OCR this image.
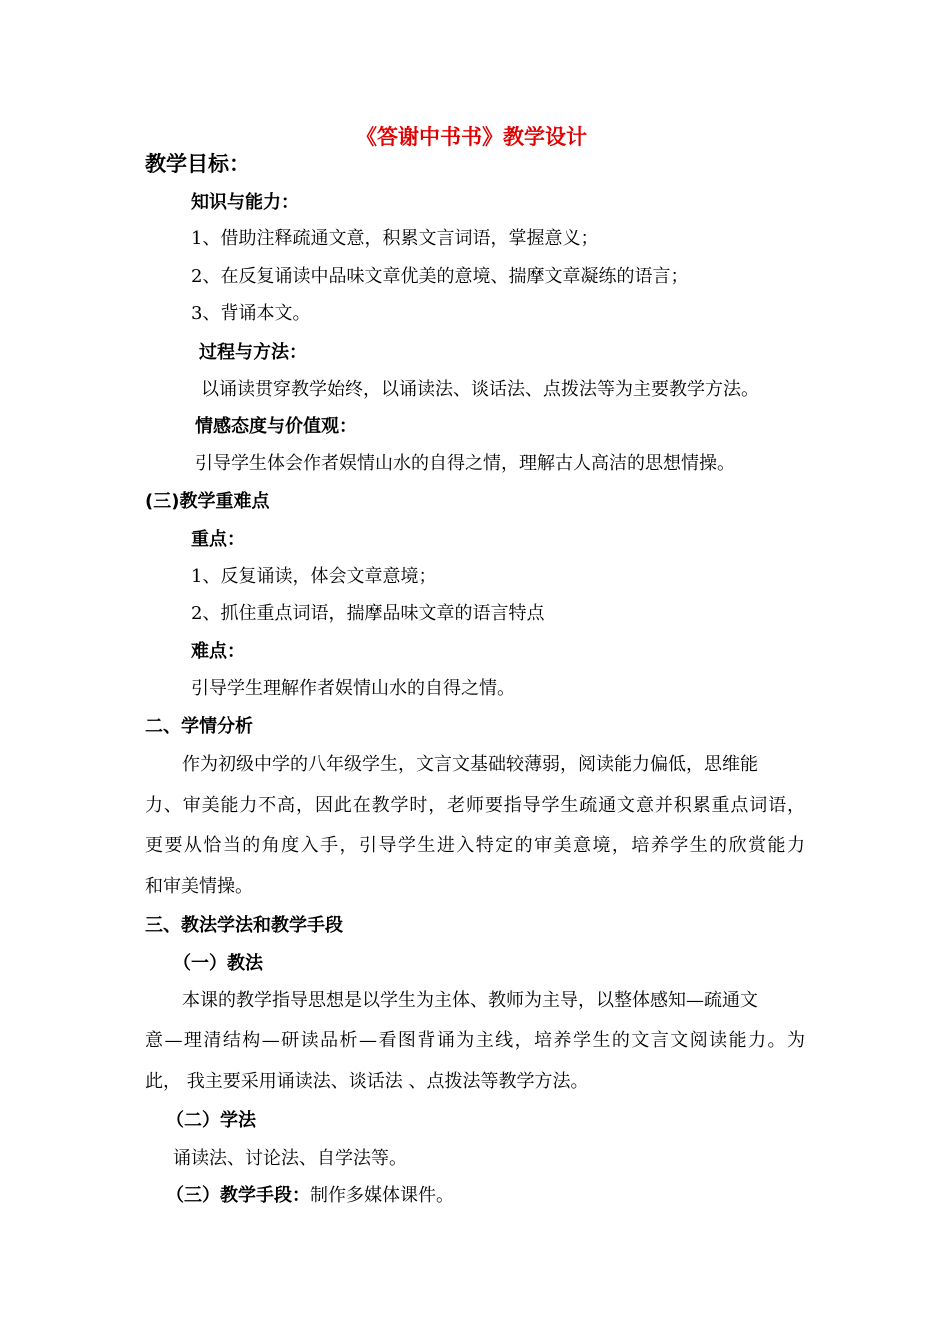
《答谢中书书》教学设计
教学目标：
知识与能力：
1、借助注释疏通文意，积累文言词语，掌握意义；
2、在反复诵读中品味文章优美的意境、揣摩文章凝练的语言；
3、背诵本文。
过程与方法：
以诵读贯穿教学始终，以诵读法、谈话法、点拨法等为主要教学方法。
情感态度与价值观：
引导学生体会作者娱情山水的自得之情，理解古人高洁的思想情操。
(三)教学重难点
重点：
1、反复诵读，体会文章意境；
2、抓住重点词语，揣摩品味文章的语言特点
难点：
引导学生理解作者娱情山水的自得之情。
二、学情分析
作为初级中学的八年级学生，文言文基础较薄弱，阅读能力偏低，思维能
力、审美能力不高，因此在教学时，老师要指导学生疏通文意并积累重点词语，
更要从恰当的角度入手，引导学生进入特定的审美意境，培养学生的欣赏能力
和审美情操。
三、教法学法和教学手段
（一）教法
本课的教学指导思想是以学生为主体、教师为主导，以整体感知—疏通文
意—理清结构—研读品析—看图背诵为主线，培养学生的文言文阅读能力。为
此， 我主要采用诵读法、谈话法 、点拨法等教学方法。
（二）学法
诵读法、讨论法、自学法等。
（三）教学手段：制作多媒体课件。
